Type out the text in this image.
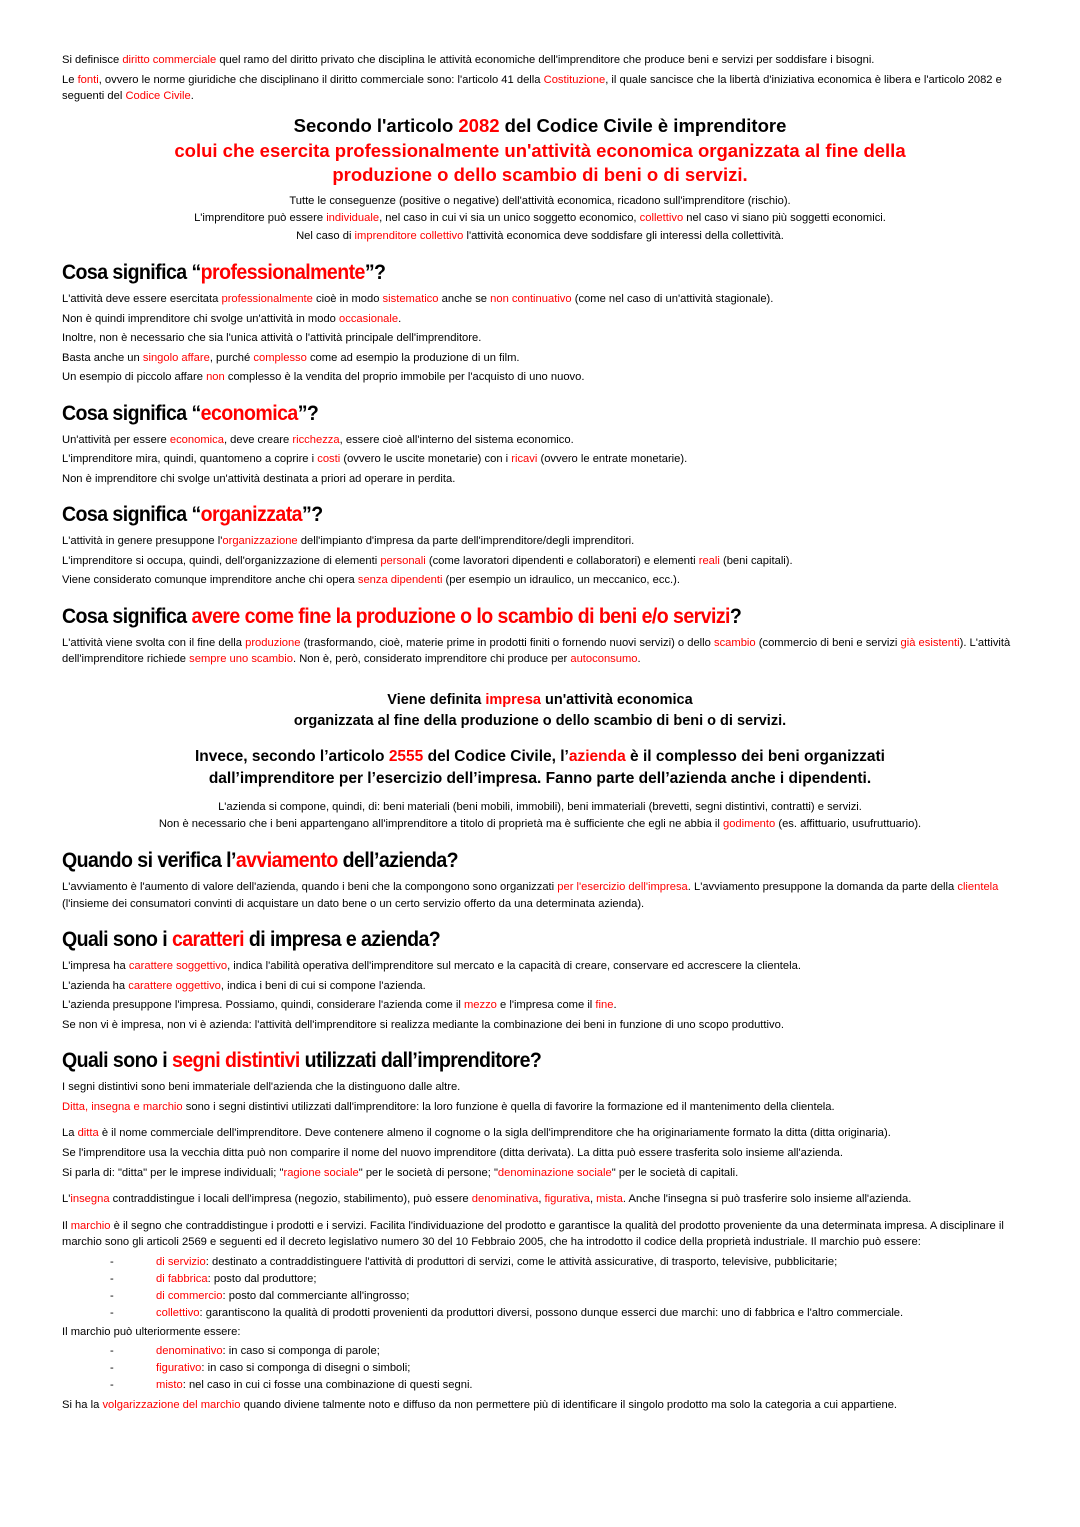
Si definisce diritto commerciale quel ramo del diritto privato che disciplina le attività economiche dell'imprenditore che produce beni e servizi per soddisfare i bisogni.

Le fonti, ovvero le norme giuridiche che disciplinano il diritto commerciale sono: l'articolo 41 della Costituzione, il quale sancisce che la libertà d'iniziativa economica è libera e l'articolo 2082 e seguenti del Codice Civile.

Secondo l'articolo 2082 del Codice Civile è imprenditore
colui che esercita professionalmente un'attività economica organizzata al fine della
produzione o dello scambio di beni o di servizi.
Tutte le conseguenze (positive o negative) dell'attività economica, ricadono sull'imprenditore (rischio).
L'imprenditore può essere individuale, nel caso in cui vi sia un unico soggetto economico, collettivo nel caso vi siano più soggetti economici.
Nel caso di imprenditore collettivo l'attività economica deve soddisfare gli interessi della collettività.
Cosa significa “professionalmente”?

L'attività deve essere esercitata professionalmente cioè in modo sistematico anche se non continuativo (come nel caso di un'attività stagionale).

Non è quindi imprenditore chi svolge un'attività in modo occasionale.

Inoltre, non è necessario che sia l'unica attività o l'attività principale dell'imprenditore.

Basta anche un singolo affare, purché complesso come ad esempio la produzione di un film.

Un esempio di piccolo affare non complesso è la vendita del proprio immobile per l'acquisto di uno nuovo.

Cosa significa “economica”?

Un'attività per essere economica, deve creare ricchezza, essere cioè all'interno del sistema economico.

L'imprenditore mira, quindi, quantomeno a coprire i costi (ovvero le uscite monetarie) con i ricavi (ovvero le entrate monetarie).

Non è imprenditore chi svolge un'attività destinata a priori ad operare in perdita.

Cosa significa “organizzata”?

L'attività in genere presuppone l'organizzazione dell'impianto d'impresa da parte dell'imprenditore/degli imprenditori.

L'imprenditore si occupa, quindi, dell'organizzazione di elementi personali (come lavoratori dipendenti e collaboratori) e elementi reali (beni capitali).

Viene considerato comunque imprenditore anche chi opera senza dipendenti (per esempio un idraulico, un meccanico, ecc.).

Cosa significa avere come fine la produzione o lo scambio di beni e/o servizi?

L'attività viene svolta con il fine della produzione (trasformando, cioè, materie prime in prodotti finiti o fornendo nuovi servizi) o dello scambio (commercio di beni e servizi già esistenti). L'attività dell'imprenditore richiede sempre uno scambio. Non è, però, considerato imprenditore chi produce per autoconsumo.

Viene definita impresa un'attività economica
organizzata al fine della produzione o dello scambio di beni o di servizi.
Invece, secondo l’articolo 2555 del Codice Civile, l’azienda è il complesso dei beni organizzati
dall’imprenditore per l’esercizio dell’impresa. Fanno parte dell’azienda anche i dipendenti.
L'azienda si compone, quindi, di: beni materiali (beni mobili, immobili), beni immateriali (brevetti, segni distintivi, contratti) e servizi.
Non è necessario che i beni appartengano all'imprenditore a titolo di proprietà ma è sufficiente che egli ne abbia il godimento (es. affittuario, usufruttuario).
Quando si verifica l’avviamento dell’azienda?

L'avviamento è l'aumento di valore dell'azienda, quando i beni che la compongono sono organizzati per l'esercizio dell'impresa. L'avviamento presuppone la domanda da parte della clientela (l'insieme dei consumatori convinti di acquistare un dato bene o un certo servizio offerto da una determinata azienda).

Quali sono i caratteri di impresa e azienda?

L'impresa ha carattere soggettivo, indica l'abilità operativa dell'imprenditore sul mercato e la capacità di creare, conservare ed accrescere la clientela.

L'azienda ha carattere oggettivo, indica i beni di cui si compone l'azienda.

L'azienda presuppone l'impresa. Possiamo, quindi, considerare l'azienda come il mezzo e l'impresa come il fine.

Se non vi è impresa, non vi è azienda: l'attività dell'imprenditore si realizza mediante la combinazione dei beni in funzione di uno scopo produttivo.

Quali sono i segni distintivi utilizzati dall’imprenditore?

I segni distintivi sono beni immateriale dell'azienda che la distinguono dalle altre.

Ditta, insegna e marchio sono i segni distintivi utilizzati dall'imprenditore: la loro funzione è quella di favorire la formazione ed il mantenimento della clientela.

La ditta è il nome commerciale dell'imprenditore. Deve contenere almeno il cognome o la sigla dell'imprenditore che ha originariamente formato la ditta (ditta originaria).

Se l'imprenditore usa la vecchia ditta può non comparire il nome del nuovo imprenditore (ditta derivata). La ditta può essere trasferita solo insieme all'azienda.

Si parla di: "ditta" per le imprese individuali; "ragione sociale" per le società di persone; "denominazione sociale" per le società di capitali.

L'insegna contraddistingue i locali dell'impresa (negozio, stabilimento), può essere denominativa, figurativa, mista. Anche l'insegna si può trasferire solo insieme all'azienda.

Il marchio è il segno che contraddistingue i prodotti e i servizi. Facilita l'individuazione del prodotto e garantisce la qualità del prodotto proveniente da una determinata impresa. A disciplinare il marchio sono gli articoli 2569 e seguenti ed il decreto legislativo numero 30 del 10 Febbraio 2005, che ha introdotto il codice della proprietà industriale. Il marchio può essere:

- di servizio: destinato a contraddistinguere l'attività di produttori di servizi, come le attività assicurative, di trasporto, televisive, pubblicitarie;
- di fabbrica: posto dal produttore;
- di commercio: posto dal commerciante all'ingrosso;
- collettivo: garantiscono la qualità di prodotti provenienti da produttori diversi, possono dunque esserci due marchi: uno di fabbrica e l'altro commerciale.

Il marchio può ulteriormente essere:

- denominativo: in caso si componga di parole;
- figurativo: in caso si componga di disegni o simboli;
- misto: nel caso in cui ci fosse una combinazione di questi segni.

Si ha la volgarizzazione del marchio quando diviene talmente noto e diffuso da non permettere più di identificare il singolo prodotto ma solo la categoria a cui appartiene.
